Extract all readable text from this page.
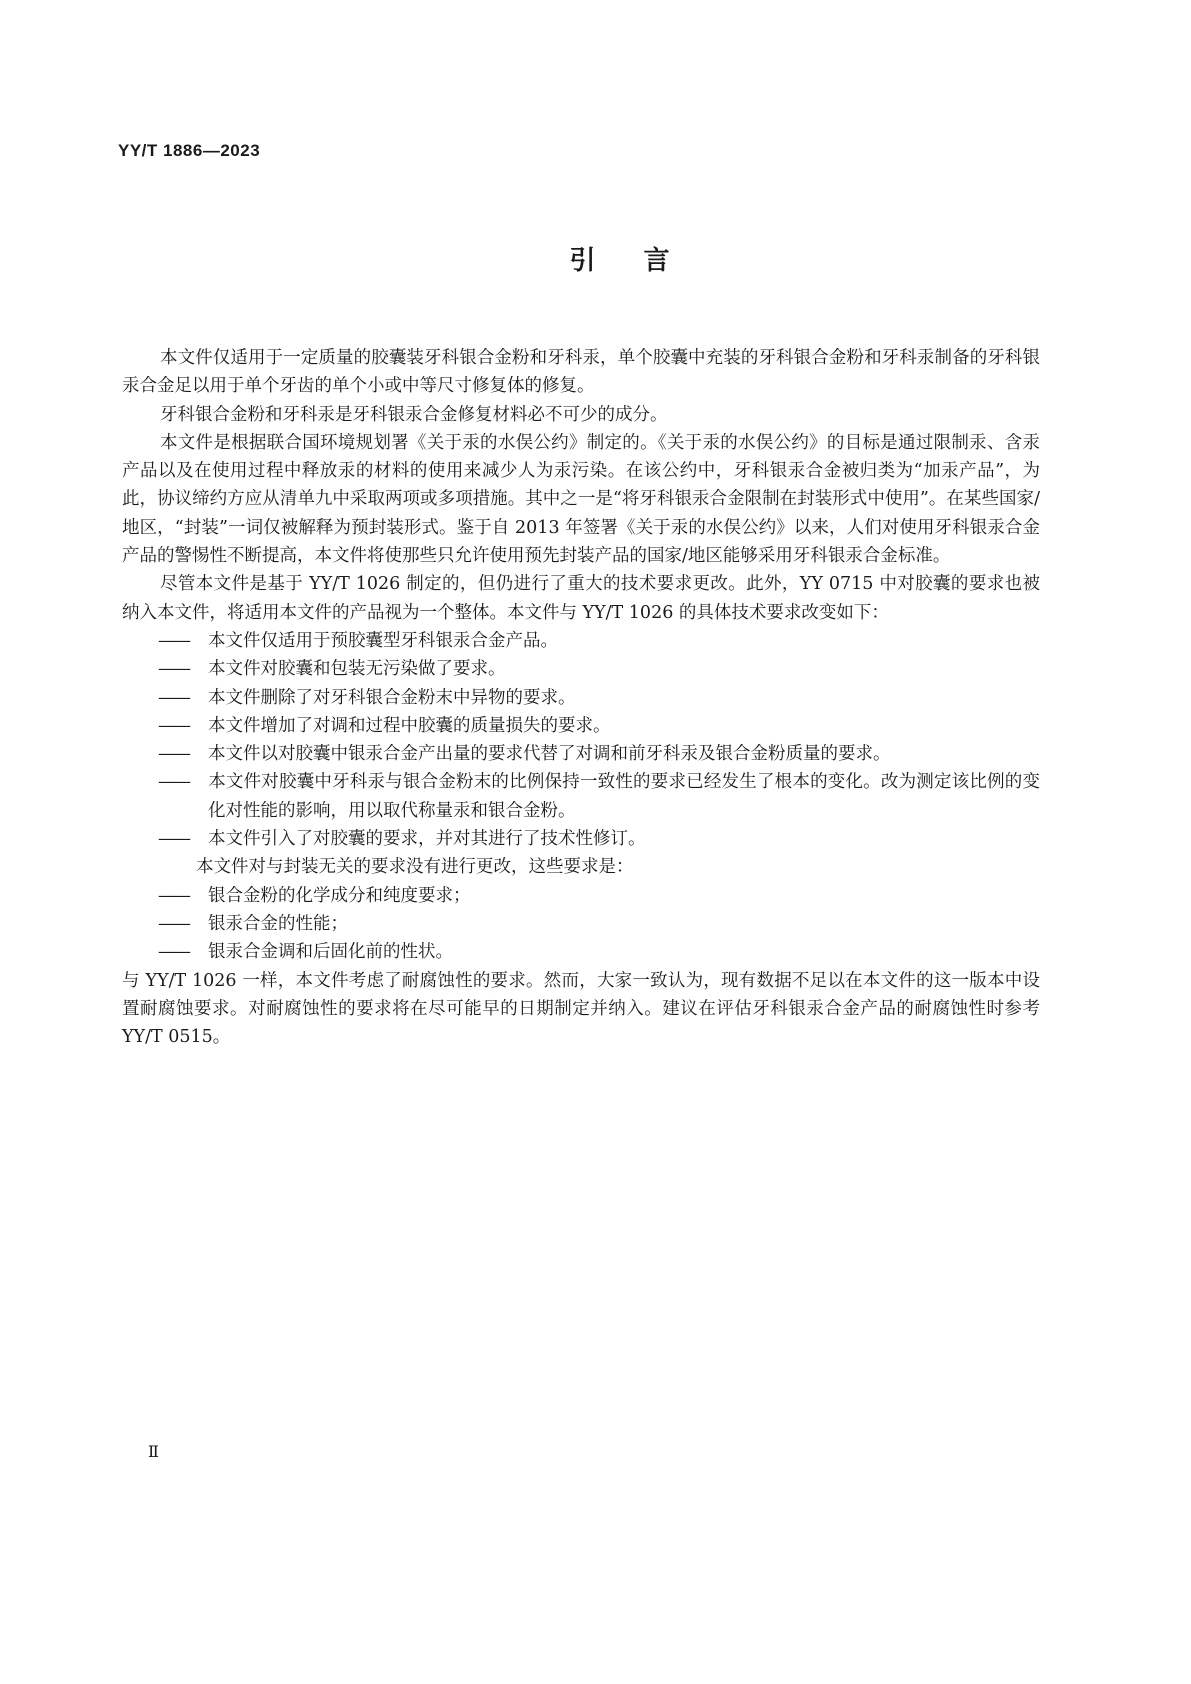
YY/T 1886—2023

引言

本文件仅适用于一定质量的胶囊装牙科银合金粉和牙科汞，单个胶囊中充装的牙科银合金粉和牙科汞制备的牙科银汞合金足以用于单个牙齿的单个小或中等尺寸修复体的修复。

牙科银合金粉和牙科汞是牙科银汞合金修复材料必不可少的成分。

本文件是根据联合国环境规划署《关于汞的水俣公约》制定的。《关于汞的水俣公约》的目标是通过限制汞、含汞产品以及在使用过程中释放汞的材料的使用来减少人为汞污染。在该公约中，牙科银汞合金被归类为“加汞产品”，为此，协议缔约方应从清单九中采取两项或多项措施。其中之一是“将牙科银汞合金限制在封装形式中使用”。在某些国家/地区，“封装”一词仅被解释为预封装形式。鉴于自 2013 年签署《关于汞的水俣公约》以来，人们对使用牙科银汞合金产品的警惕性不断提高，本文件将使那些只允许使用预先封装产品的国家/地区能够采用牙科银汞合金标准。

尽管本文件是基于 YY/T 1026 制定的，但仍进行了重大的技术要求更改。此外，YY 0715 中对胶囊的要求也被纳入本文件，将适用本文件的产品视为一个整体。本文件与 YY/T 1026 的具体技术要求改变如下：

—— 本文件仅适用于预胶囊型牙科银汞合金产品。

—— 本文件对胶囊和包装无污染做了要求。

—— 本文件删除了对牙科银合金粉末中异物的要求。

—— 本文件增加了对调和过程中胶囊的质量损失的要求。

—— 本文件以对胶囊中银汞合金产出量的要求代替了对调和前牙科汞及银合金粉质量的要求。

—— 本文件对胶囊中牙科汞与银合金粉末的比例保持一致性的要求已经发生了根本的变化。改为测定该比例的变化对性能的影响，用以取代称量汞和银合金粉。

—— 本文件引入了对胶囊的要求，并对其进行了技术性修订。

本文件对与封装无关的要求没有进行更改，这些要求是：

—— 银合金粉的化学成分和纯度要求；

—— 银汞合金的性能；

—— 银汞合金调和后固化前的性状。

与 YY/T 1026 一样，本文件考虑了耐腐蚀性的要求。然而，大家一致认为，现有数据不足以在本文件的这一版本中设置耐腐蚀要求。对耐腐蚀性的要求将在尽可能早的日期制定并纳入。建议在评估牙科银汞合金产品的耐腐蚀性时参考 YY/T 0515。

Ⅱ
